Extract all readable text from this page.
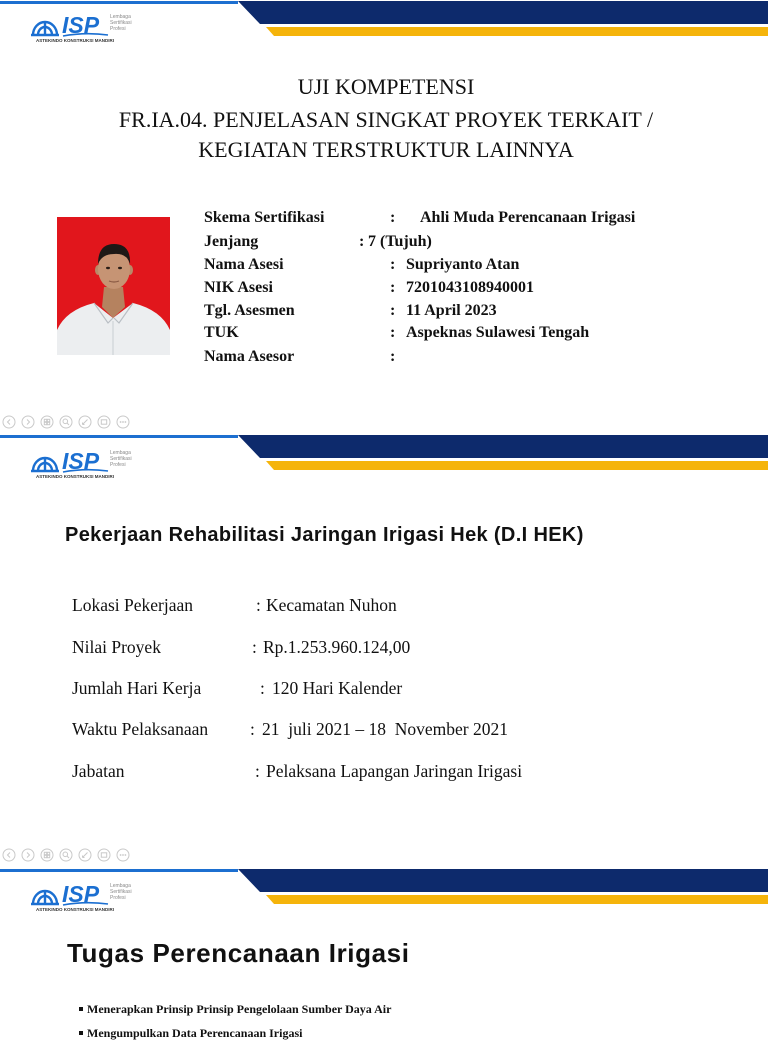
ISP Lembaga
Sertifikasi
Profesi
ASTEKINDO KONSTRUKSI MANDIRI
UJI KOMPETENSI
FR.IA.04. PENJELASAN SINGKAT PROYEK TERKAIT /
KEGIATAN TERSTRUKTUR LAINNYA
Skema Sertifikasi	: Ahli Muda Perencanaan Irigasi
Jenjang	: 7 (Tujuh)
Nama Asesi	: Supriyanto Atan
NIK Asesi	: 7201043108940001
Tgl. Asesmen	: 11 April 2023
TUK	: Aspeknas Sulawesi Tengah
Nama Asesor	:
ISP Lembaga
Sertifikasi
Profesi
ASTEKINDO KONSTRUKSI MANDIRI
Pekerjaan Rehabilitasi Jaringan Irigasi Hek (D.I HEK)
Lokasi Pekerjaan	: Kecamatan Nuhon
Nilai Proyek	: Rp.1.253.960.124,00
Jumlah Hari Kerja	: 120 Hari Kalender
Waktu Pelaksanaan : 21  juli 2021 – 18  November 2021
Jabatan	: Pelaksana Lapangan Jaringan Irigasi
ISP Lembaga
Sertifikasi
Profesi
ASTEKINDO KONSTRUKSI MANDIRI
Tugas Perencanaan Irigasi

Menerapkan Prinsip Prinsip Pengelolaan Sumber Daya Air

Mengumpulkan Data Perencanaan Irigasi
